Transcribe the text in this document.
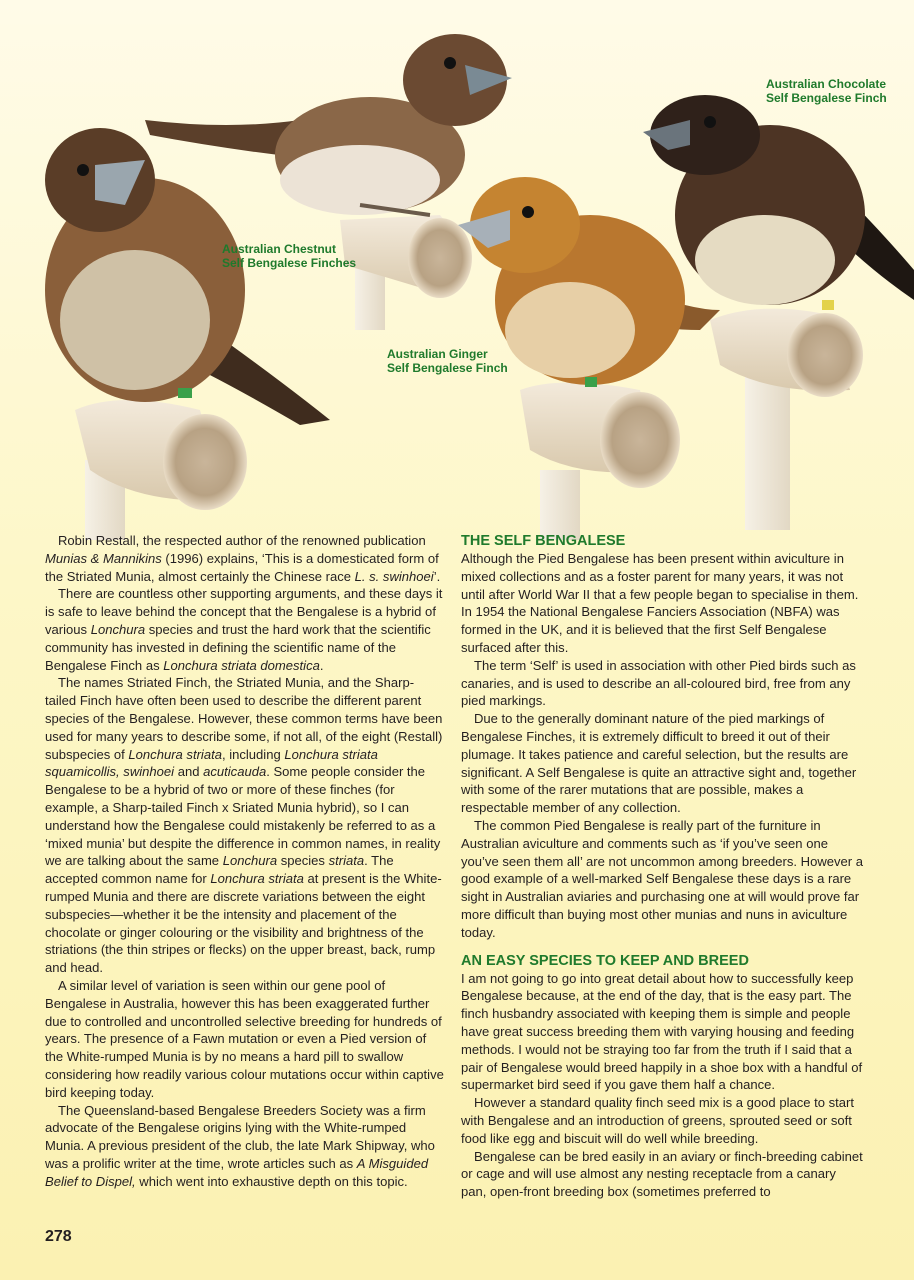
Australian Chestnut
Self Bengalese Finches
Australian Ginger
Self Bengalese Finch
Australian Chocolate
Self Bengalese Finch

Robin Restall, the respected author of the renowned publication Munias & Mannikins (1996) explains, ‘This is a domesticated form of the Striated Munia, almost certainly the Chinese race L. s. swinhoei’.

There are countless other supporting arguments, and these days it is safe to leave behind the concept that the Bengalese is a hybrid of various Lonchura species and trust the hard work that the scientific community has invested in defining the scientific name of the Bengalese Finch as Lonchura striata domestica.

The names Striated Finch, the Striated Munia, and the Sharp-tailed Finch have often been used to describe the different parent species of the Bengalese. However, these common terms have been used for many years to describe some, if not all, of the eight (Restall) subspecies of Lonchura striata, including Lonchura striata squamicollis, swinhoei and acuticauda. Some people consider the Bengalese to be a hybrid of two or more of these finches (for example, a Sharp-tailed Finch x Sriated Munia hybrid), so I can understand how the Bengalese could mistakenly be referred to as a ‘mixed munia’ but despite the difference in common names, in reality we are talking about the same Lonchura species striata. The accepted common name for Lonchura striata at present is the White-rumped Munia and there are discrete variations between the eight subspecies—whether it be the intensity and placement of the chocolate or ginger colouring or the visibility and brightness of the striations (the thin stripes or flecks) on the upper breast, back, rump and head.

A similar level of variation is seen within our gene pool of Bengalese in Australia, however this has been exaggerated further due to controlled and uncontrolled selective breeding for hundreds of years. The presence of a Fawn mutation or even a Pied version of the White-rumped Munia is by no means a hard pill to swallow considering how readily various colour mutations occur within captive bird keeping today.

The Queensland-based Bengalese Breeders Society was a firm advocate of the Bengalese origins lying with the White-rumped Munia. A previous president of the club, the late Mark Shipway, who was a prolific writer at the time, wrote articles such as A Misguided Belief to Dispel, which went into exhaustive depth on this topic.

THE SELF BENGALESE

Although the Pied Bengalese has been present within aviculture in mixed collections and as a foster parent for many years, it was not until after World War II that a few people began to specialise in them. In 1954 the National Bengalese Fanciers Association (NBFA) was formed in the UK, and it is believed that the first Self Bengalese surfaced after this.

The term ‘Self’ is used in association with other Pied birds such as canaries, and is used to describe an all-coloured bird, free from any pied markings.

Due to the generally dominant nature of the pied markings of Bengalese Finches, it is extremely difficult to breed it out of their plumage. It takes patience and careful selection, but the results are significant. A Self Bengalese is quite an attractive sight and, together with some of the rarer mutations that are possible, makes a respectable member of any collection.

The common Pied Bengalese is really part of the furniture in Australian aviculture and comments such as ‘if you’ve seen one you’ve seen them all’ are not uncommon among breeders. However a good example of a well-marked Self Bengalese these days is a rare sight in Australian aviaries and purchasing one at will would prove far more difficult than buying most other munias and nuns in aviculture today.

AN EASY SPECIES TO KEEP AND BREED

I am not going to go into great detail about how to successfully keep Bengalese because, at the end of the day, that is the easy part. The finch husbandry associated with keeping them is simple and people have great success breeding them with varying housing and feeding methods. I would not be straying too far from the truth if I said that a pair of Bengalese would breed happily in a shoe box with a handful of supermarket bird seed if you gave them half a chance.

However a standard quality finch seed mix is a good place to start with Bengalese and an introduction of greens, sprouted seed or soft food like egg and biscuit will do well while breeding.

Bengalese can be bred easily in an aviary or finch-breeding cabinet or cage and will use almost any nesting receptacle from a canary pan, open-front breeding box (sometimes preferred to

278
